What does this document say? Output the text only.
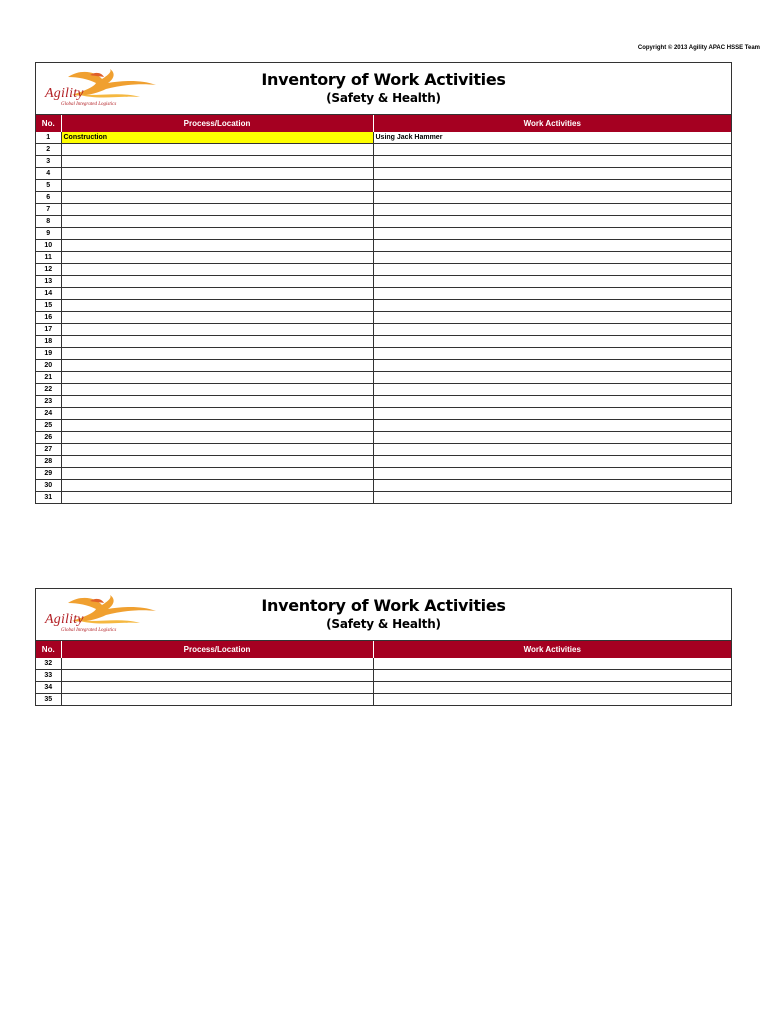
Copyright © 2013 Agility APAC HSSE Team
Agility
Global Integrated Logistics
Inventory of Work Activities
(Safety & Health)
No.	Process/Location	Work Activities
1	Construction	Using Jack Hammer
2		
3		
4		
5		
6		
7		
8		
9		
10		
11		
12		
13		
14		
15		
16		
17		
18		
19		
20		
21		
22		
23		
24		
25		
26		
27		
28		
29		
30		
31		
Agility
Global Integrated Logistics
Inventory of Work Activities
(Safety & Health)
No.	Process/Location	Work Activities
32		
33		
34		
35		
